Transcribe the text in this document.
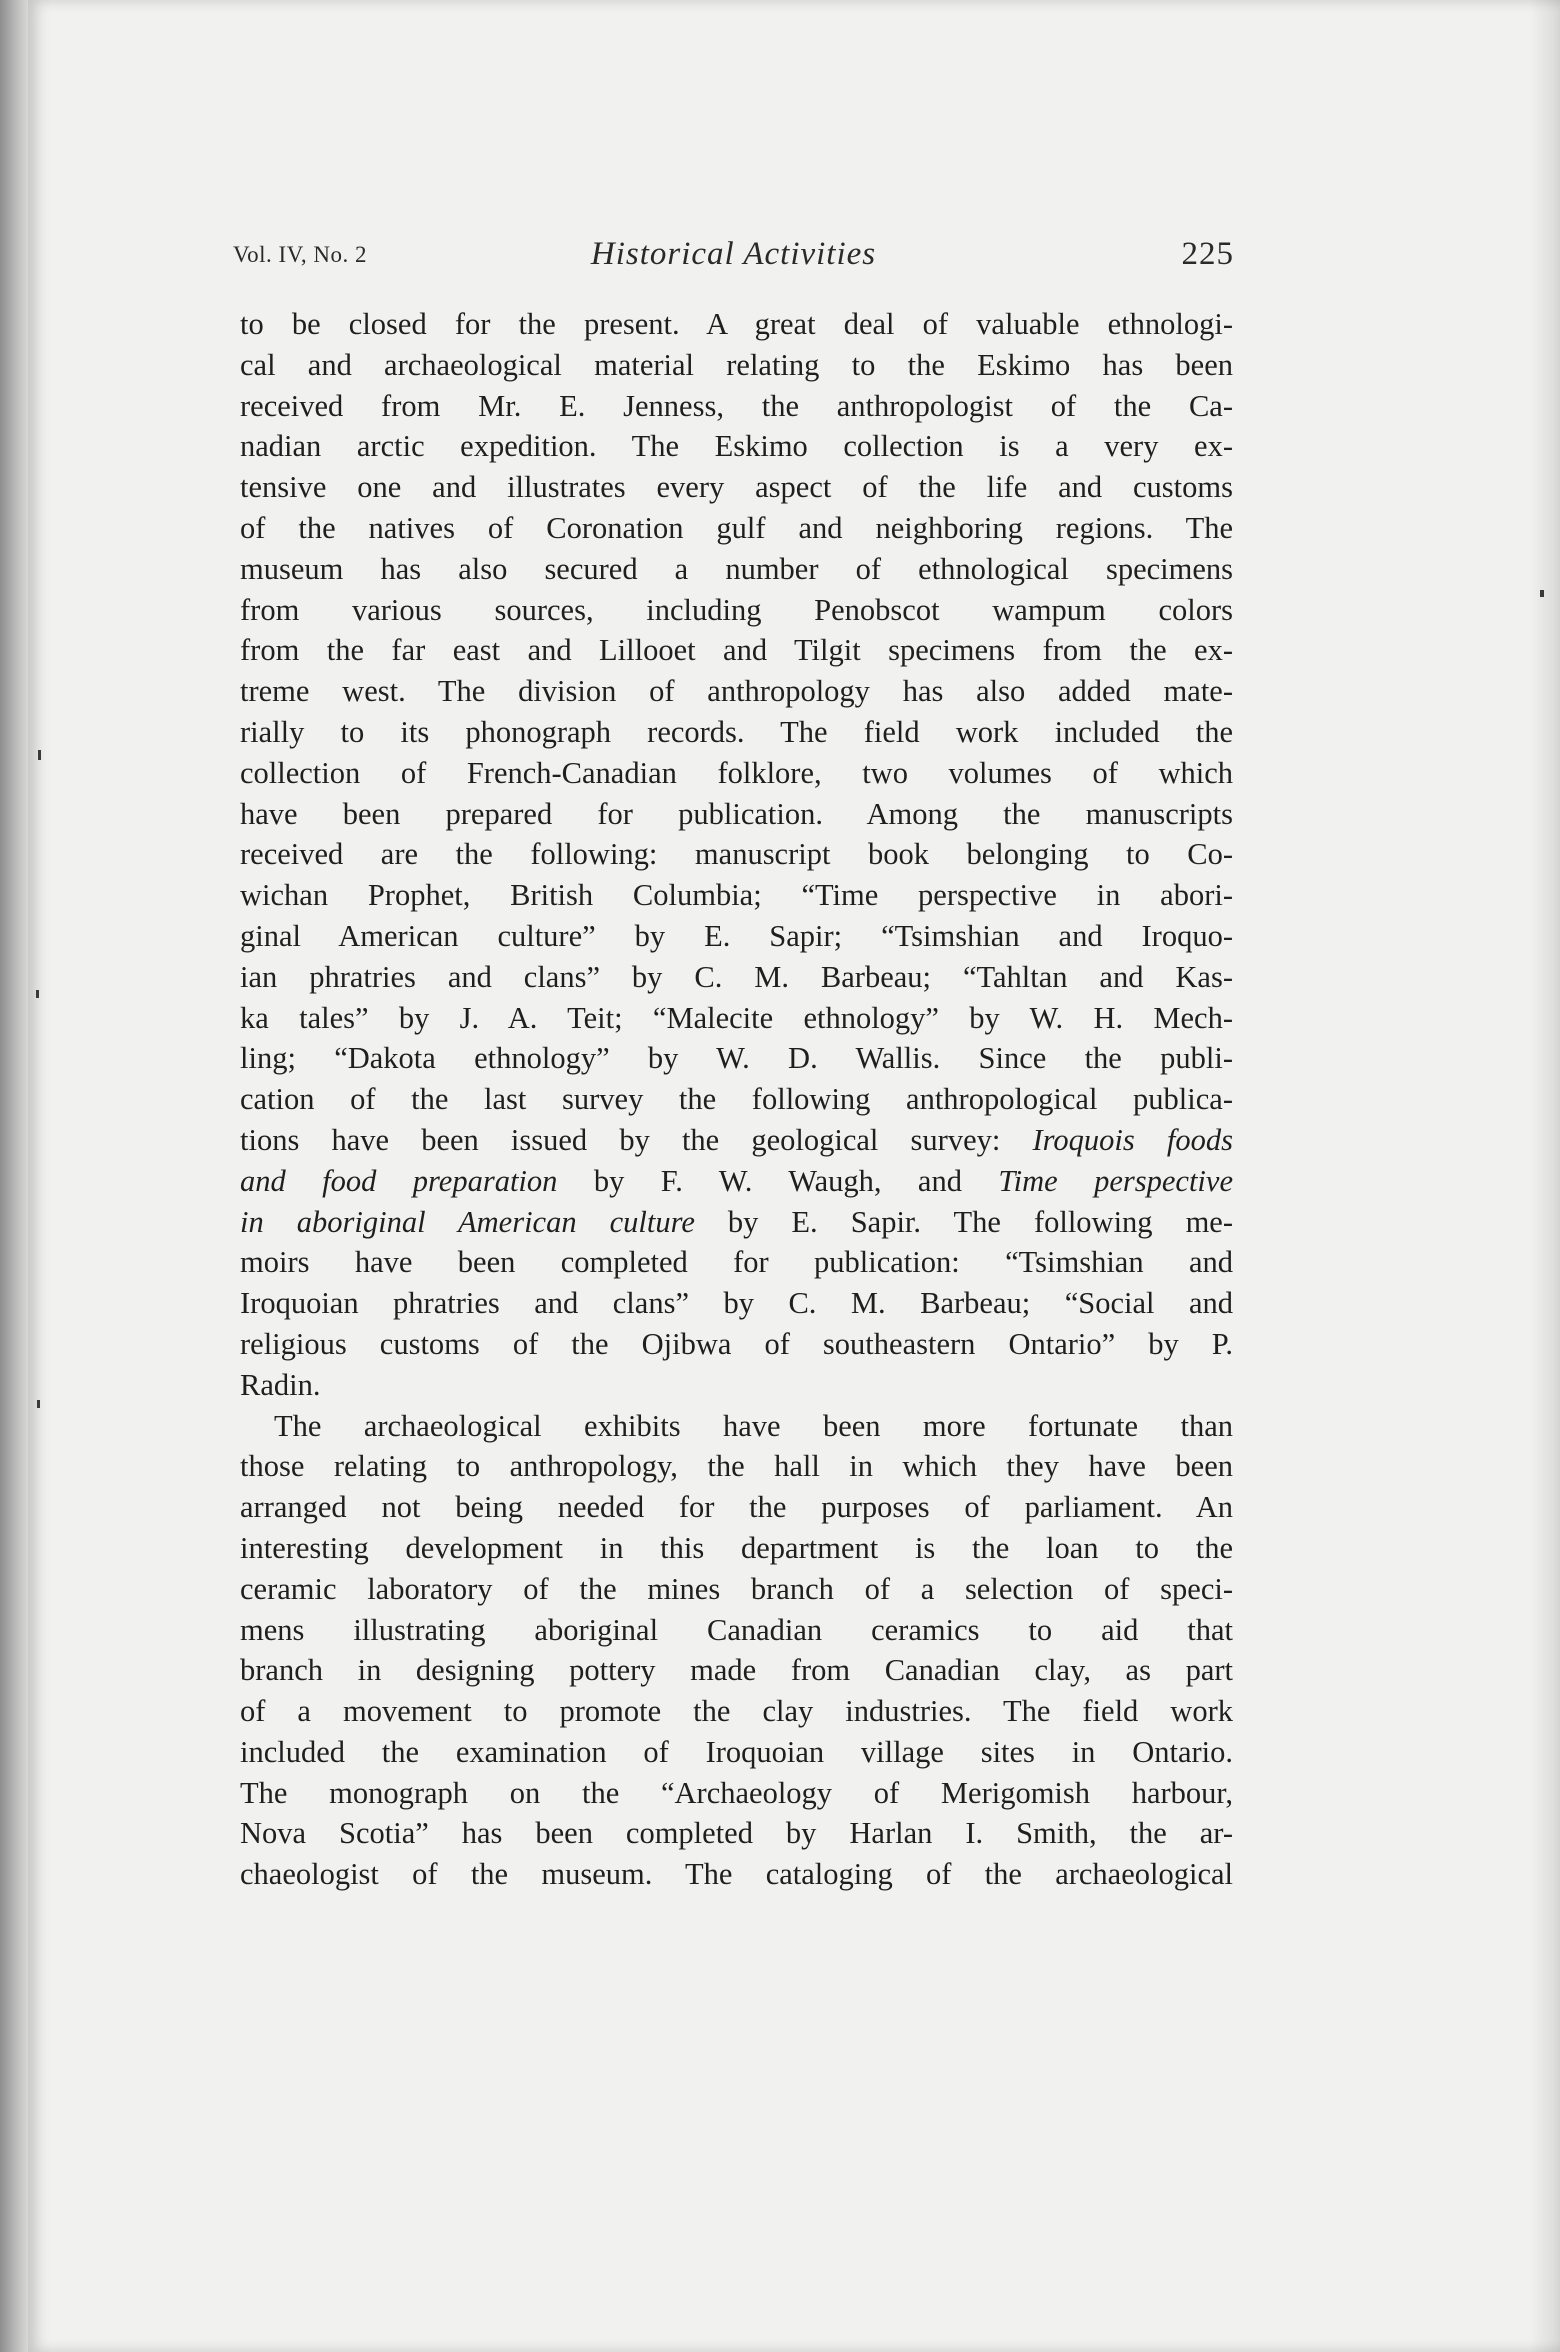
Vol. IV, No. 2	Historical Activities	225
to be closed for the present. A great deal of valuable ethnologi-
cal and archaeological material relating to the Eskimo has been
received from Mr. E. Jenness, the anthropologist of the Ca-
nadian arctic expedition. The Eskimo collection is a very ex-
tensive one and illustrates every aspect of the life and customs
of the natives of Coronation gulf and neighboring regions. The
museum has also secured a number of ethnological specimens
from various sources, including Penobscot wampum colors
from the far east and Lillooet and Tilgit specimens from the ex-
treme west. The division of anthropology has also added mate-
rially to its phonograph records. The field work included the
collection of French-Canadian folklore, two volumes of which
have been prepared for publication. Among the manuscripts
received are the following: manuscript book belonging to Co-
wichan Prophet, British Columbia; “Time perspective in abori-
ginal American culture” by E. Sapir; “Tsimshian and Iroquo-
ian phratries and clans” by C. M. Barbeau; “Tahltan and Kas-
ka tales” by J. A. Teit; “Malecite ethnology” by W. H. Mech-
ling; “Dakota ethnology” by W. D. Wallis. Since the publi-
cation of the last survey the following anthropological publica-
tions have been issued by the geological survey: Iroquois foods
and food preparation by F. W. Waugh, and Time perspective
in aboriginal American culture by E. Sapir. The following me-
moirs have been completed for publication: “Tsimshian and
Iroquoian phratries and clans” by C. M. Barbeau; “Social and
religious customs of the Ojibwa of southeastern Ontario” by P.
Radin.
The archaeological exhibits have been more fortunate than
those relating to anthropology, the hall in which they have been
arranged not being needed for the purposes of parliament. An
interesting development in this department is the loan to the
ceramic laboratory of the mines branch of a selection of speci-
mens illustrating aboriginal Canadian ceramics to aid that
branch in designing pottery made from Canadian clay, as part
of a movement to promote the clay industries. The field work
included the examination of Iroquoian village sites in Ontario.
The monograph on the “Archaeology of Merigomish harbour,
Nova Scotia” has been completed by Harlan I. Smith, the ar-
chaeologist of the museum. The cataloging of the archaeological
